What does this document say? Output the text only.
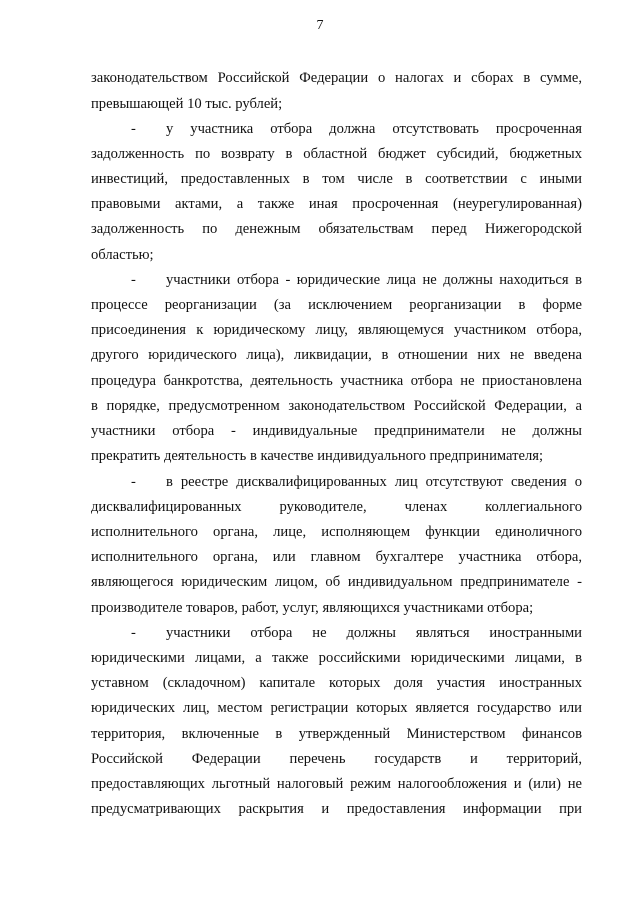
7
законодательством Российской Федерации о налогах и сборах в сумме,
превышающей 10 тыс. рублей;
- у участника отбора должна отсутствовать просроченная
задолженность по возврату в областной бюджет субсидий, бюджетных
инвестиций, предоставленных в том числе в соответствии с иными
правовыми актами, а также иная просроченная (неурегулированная)
задолженность по денежным обязательствам перед Нижегородской
областью;
- участники отбора - юридические лица не должны находиться в
процессе реорганизации (за исключением реорганизации в форме
присоединения к юридическому лицу, являющемуся участником отбора,
другого юридического лица), ликвидации, в отношении них не введена
процедура банкротства, деятельность участника отбора не приостановлена
в порядке, предусмотренном законодательством Российской Федерации, а
участники отбора - индивидуальные предприниматели не должны
прекратить деятельность в качестве индивидуального предпринимателя;
- в реестре дисквалифицированных лиц отсутствуют сведения о
дисквалифицированных руководителе, членах коллегиального
исполнительного органа, лице, исполняющем функции единоличного
исполнительного органа, или главном бухгалтере участника отбора,
являющегося юридическим лицом, об индивидуальном предпринимателе -
производителе товаров, работ, услуг, являющихся участниками отбора;
- участники отбора не должны являться иностранными
юридическими лицами, а также российскими юридическими лицами, в
уставном (складочном) капитале которых доля участия иностранных
юридических лиц, местом регистрации которых является государство или
территория, включенные в утвержденный Министерством финансов
Российской Федерации перечень государств и территорий,
предоставляющих льготный налоговый режим налогообложения и (или) не
предусматривающих раскрытия и предоставления информации при
